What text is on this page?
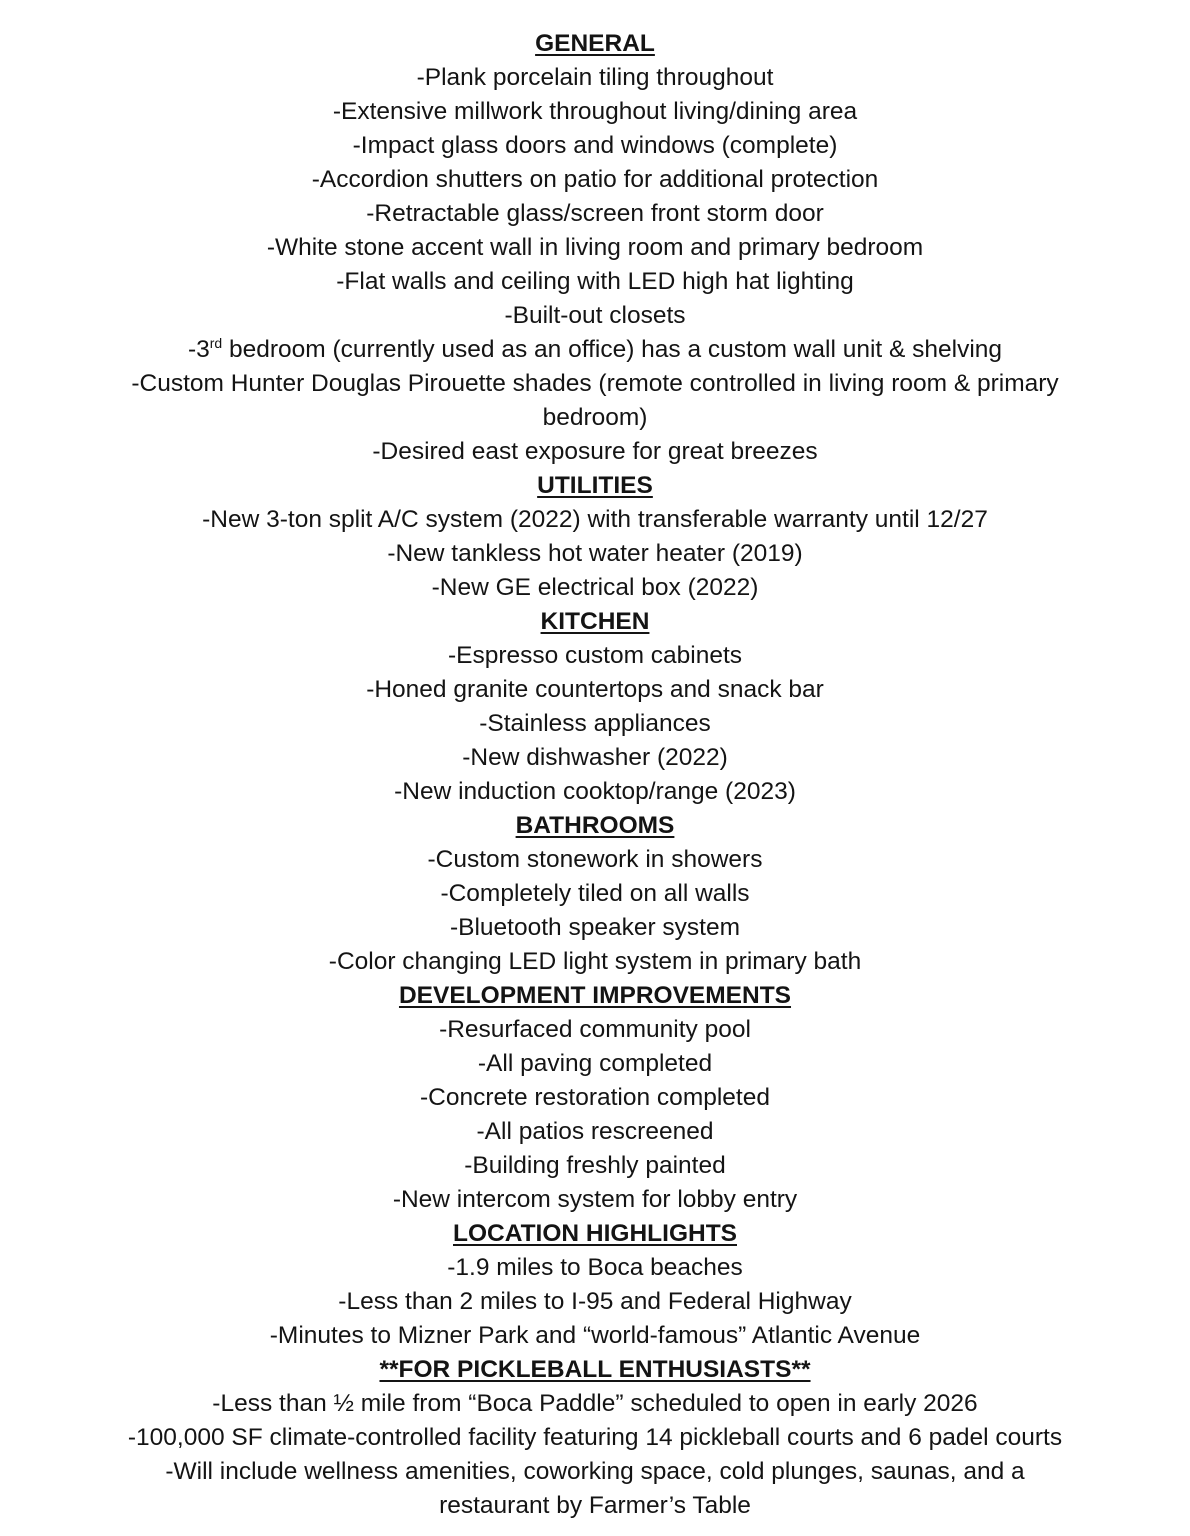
GENERAL
-Plank porcelain tiling throughout
-Extensive millwork throughout living/dining area
-Impact glass doors and windows (complete)
-Accordion shutters on patio for additional protection
-Retractable glass/screen front storm door
-White stone accent wall in living room and primary bedroom
-Flat walls and ceiling with LED high hat lighting
-Built-out closets
-3rd bedroom (currently used as an office) has a custom wall unit & shelving
-Custom Hunter Douglas Pirouette shades (remote controlled in living room & primary
bedroom)
-Desired east exposure for great breezes
UTILITIES
-New 3-ton split A/C system (2022) with transferable warranty until 12/27
-New tankless hot water heater (2019)
-New GE electrical box (2022)
KITCHEN
-Espresso custom cabinets
-Honed granite countertops and snack bar
-Stainless appliances
-New dishwasher (2022)
-New induction cooktop/range (2023)
BATHROOMS
-Custom stonework in showers
-Completely tiled on all walls
-Bluetooth speaker system
-Color changing LED light system in primary bath
DEVELOPMENT IMPROVEMENTS
-Resurfaced community pool
-All paving completed
-Concrete restoration completed
-All patios rescreened
-Building freshly painted
-New intercom system for lobby entry
LOCATION HIGHLIGHTS
-1.9 miles to Boca beaches
-Less than 2 miles to I-95 and Federal Highway
-Minutes to Mizner Park and “world-famous” Atlantic Avenue
**FOR PICKLEBALL ENTHUSIASTS**
-Less than ½ mile from “Boca Paddle” scheduled to open in early 2026
-100,000 SF climate-controlled facility featuring 14 pickleball courts and 6 padel courts
-Will include wellness amenities, coworking space, cold plunges, saunas, and a
restaurant by Farmer’s Table
